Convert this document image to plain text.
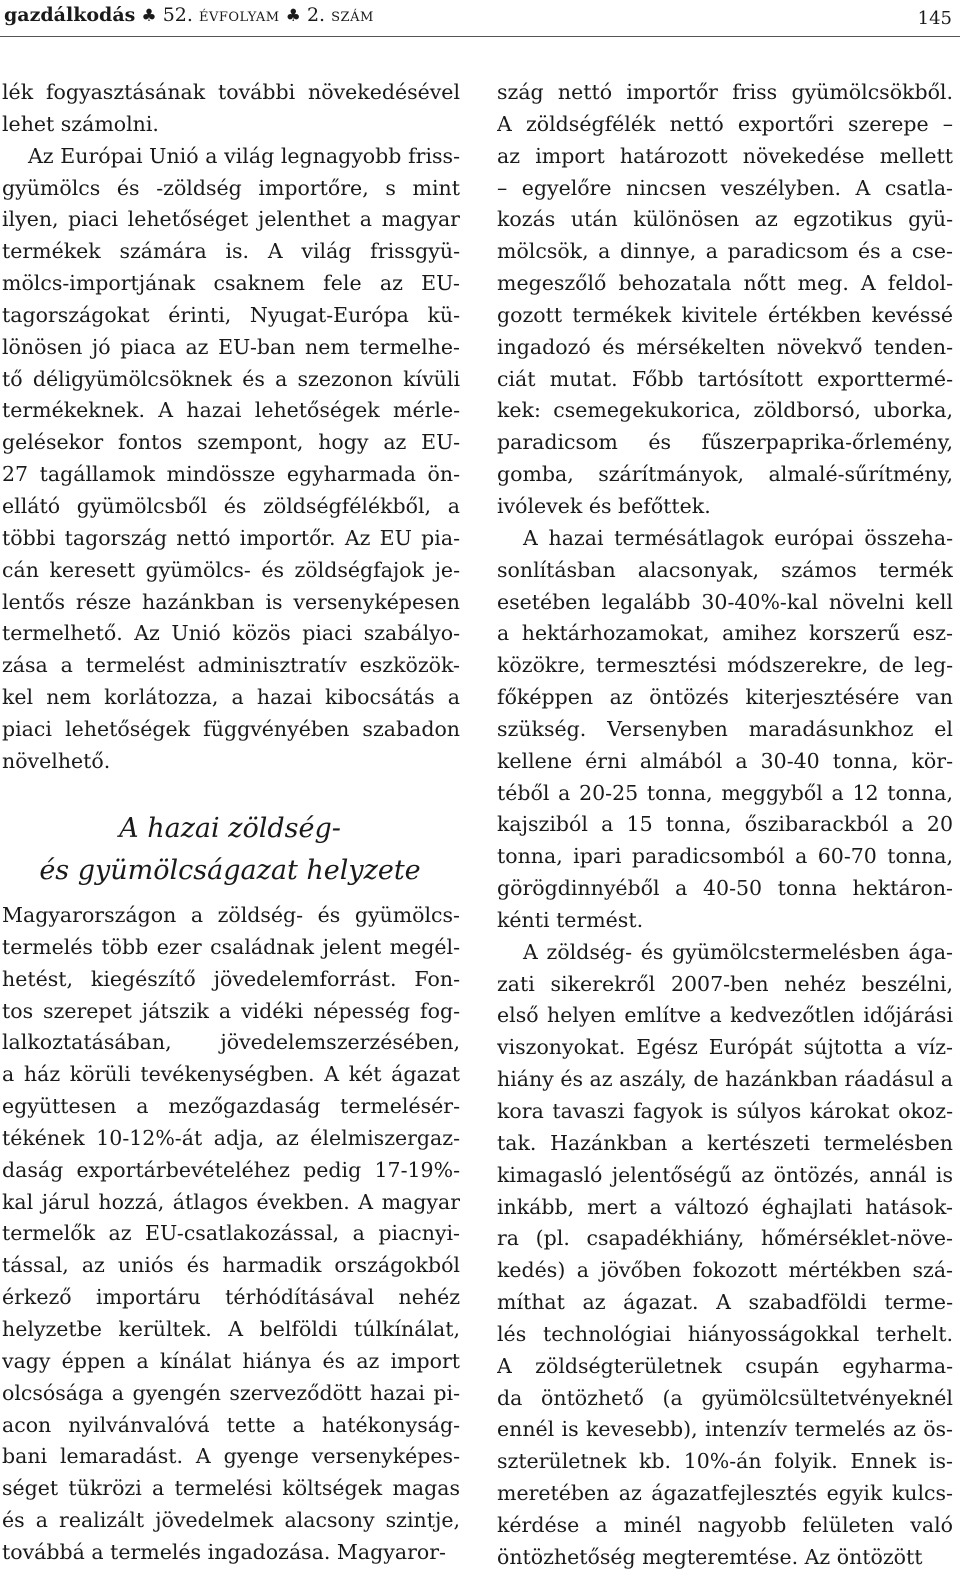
gazdálkodás ♣ 52. ÉVFOLYAM ♣ 2. SZÁM	145
lék fogyasztásának további növekedésével
lehet számolni.
Az Európai Unió a világ legnagyobb friss-
gyümölcs és -zöldség importőre, s mint
ilyen, piaci lehetőséget jelenthet a magyar
termékek számára is. A világ frissgyü-
mölcs-importjának csaknem fele az EU-
tagországokat érinti, Nyugat-Európa kü-
lönösen jó piaca az EU-ban nem termelhe-
tő déligyümölcsöknek és a szezonon kívüli
termékeknek. A hazai lehetőségek mérle-
gelésekor fontos szempont, hogy az EU-
27 tagállamok mindössze egyharmada ön-
ellátó gyümölcsből és zöldségfélékből, a
többi tagország nettó importőr. Az EU pia-
cán keresett gyümölcs- és zöldségfajok je-
lentős része hazánkban is versenyképesen
termelhető. Az Unió közös piaci szabályo-
zása a termelést adminisztratív eszközök-
kel nem korlátozza, a hazai kibocsátás a
piaci lehetőségek függvényében szabadon
növelhető.
A hazai zöldség-
és gyümölcságazat helyzete
Magyarországon a zöldség- és gyümölcs-
termelés több ezer családnak jelent megél-
hetést, kiegészítő jövedelemforrást. Fon-
tos szerepet játszik a vidéki népesség fog-
lalkoztatásában, jövedelemszerzésében,
a ház körüli tevékenységben. A két ágazat
együttesen a mezőgazdaság termelésér-
tékének 10-12%-át adja, az élelmiszergaz-
daság exportárbevételéhez pedig 17-19%-
kal járul hozzá, átlagos években. A magyar
termelők az EU-csatlakozással, a piacnyi-
tással, az uniós és harmadik országokból
érkező importáru térhódításával nehéz
helyzetbe kerültek. A belföldi túlkínálat,
vagy éppen a kínálat hiánya és az import
olcsósága a gyengén szerveződött hazai pi-
acon nyilvánvalóvá tette a hatékonyság-
bani lemaradást. A gyenge versenyképes-
séget tükrözi a termelési költségek magas
és a realizált jövedelmek alacsony szintje,
továbbá a termelés ingadozása. Magyaror-
szág nettó importőr friss gyümölcsökből.
A zöldségfélék nettó exportőri szerepe –
az import határozott növekedése mellett
– egyelőre nincsen veszélyben. A csatla-
kozás után különösen az egzotikus gyü-
mölcsök, a dinnye, a paradicsom és a cse-
megeszőlő behozatala nőtt meg. A feldol-
gozott termékek kivitele értékben kevéssé
ingadozó és mérsékelten növekvő tenden-
ciát mutat. Főbb tartósított exporttermé-
kek: csemegekukorica, zöldborsó, uborka,
paradicsom és fűszerpaprika-őrlemény,
gomba, szárítmányok, almalé-sűrítmény,
ivólevek és befőttek.
A hazai termésátlagok európai összeha-
sonlításban alacsonyak, számos termék
esetében legalább 30-40%-kal növelni kell
a hektárhozamokat, amihez korszerű esz-
közökre, termesztési módszerekre, de leg-
főképpen az öntözés kiterjesztésére van
szükség. Versenyben maradásunkhoz el
kellene érni almából a 30-40 tonna, kör-
téből a 20-25 tonna, meggyből a 12 tonna,
kajsziból a 15 tonna, őszibarackból a 20
tonna, ipari paradicsomból a 60-70 tonna,
görögdinnyéből a 40-50 tonna hektáron-
kénti termést.
A zöldség- és gyümölcstermelésben ága-
zati sikerekről 2007-ben nehéz beszélni,
első helyen említve a kedvezőtlen időjárási
viszonyokat. Egész Európát sújtotta a víz-
hiány és az aszály, de hazánkban ráadásul a
kora tavaszi fagyok is súlyos károkat okoz-
tak. Hazánkban a kertészeti termelésben
kimagasló jelentőségű az öntözés, annál is
inkább, mert a változó éghajlati hatások-
ra (pl. csapadékhiány, hőmérséklet-növe-
kedés) a jövőben fokozott mértékben szá-
míthat az ágazat. A szabadföldi terme-
lés technológiai hiányosságokkal terhelt.
A zöldségterületnek csupán egyharma-
da öntözhető (a gyümölcsültetvényeknél
ennél is kevesebb), intenzív termelés az ös-
szterületnek kb. 10%-án folyik. Ennek is-
meretében az ágazatfejlesztés egyik kulcs-
kérdése a minél nagyobb felületen való
öntözhetőség megteremtése. Az öntözött
